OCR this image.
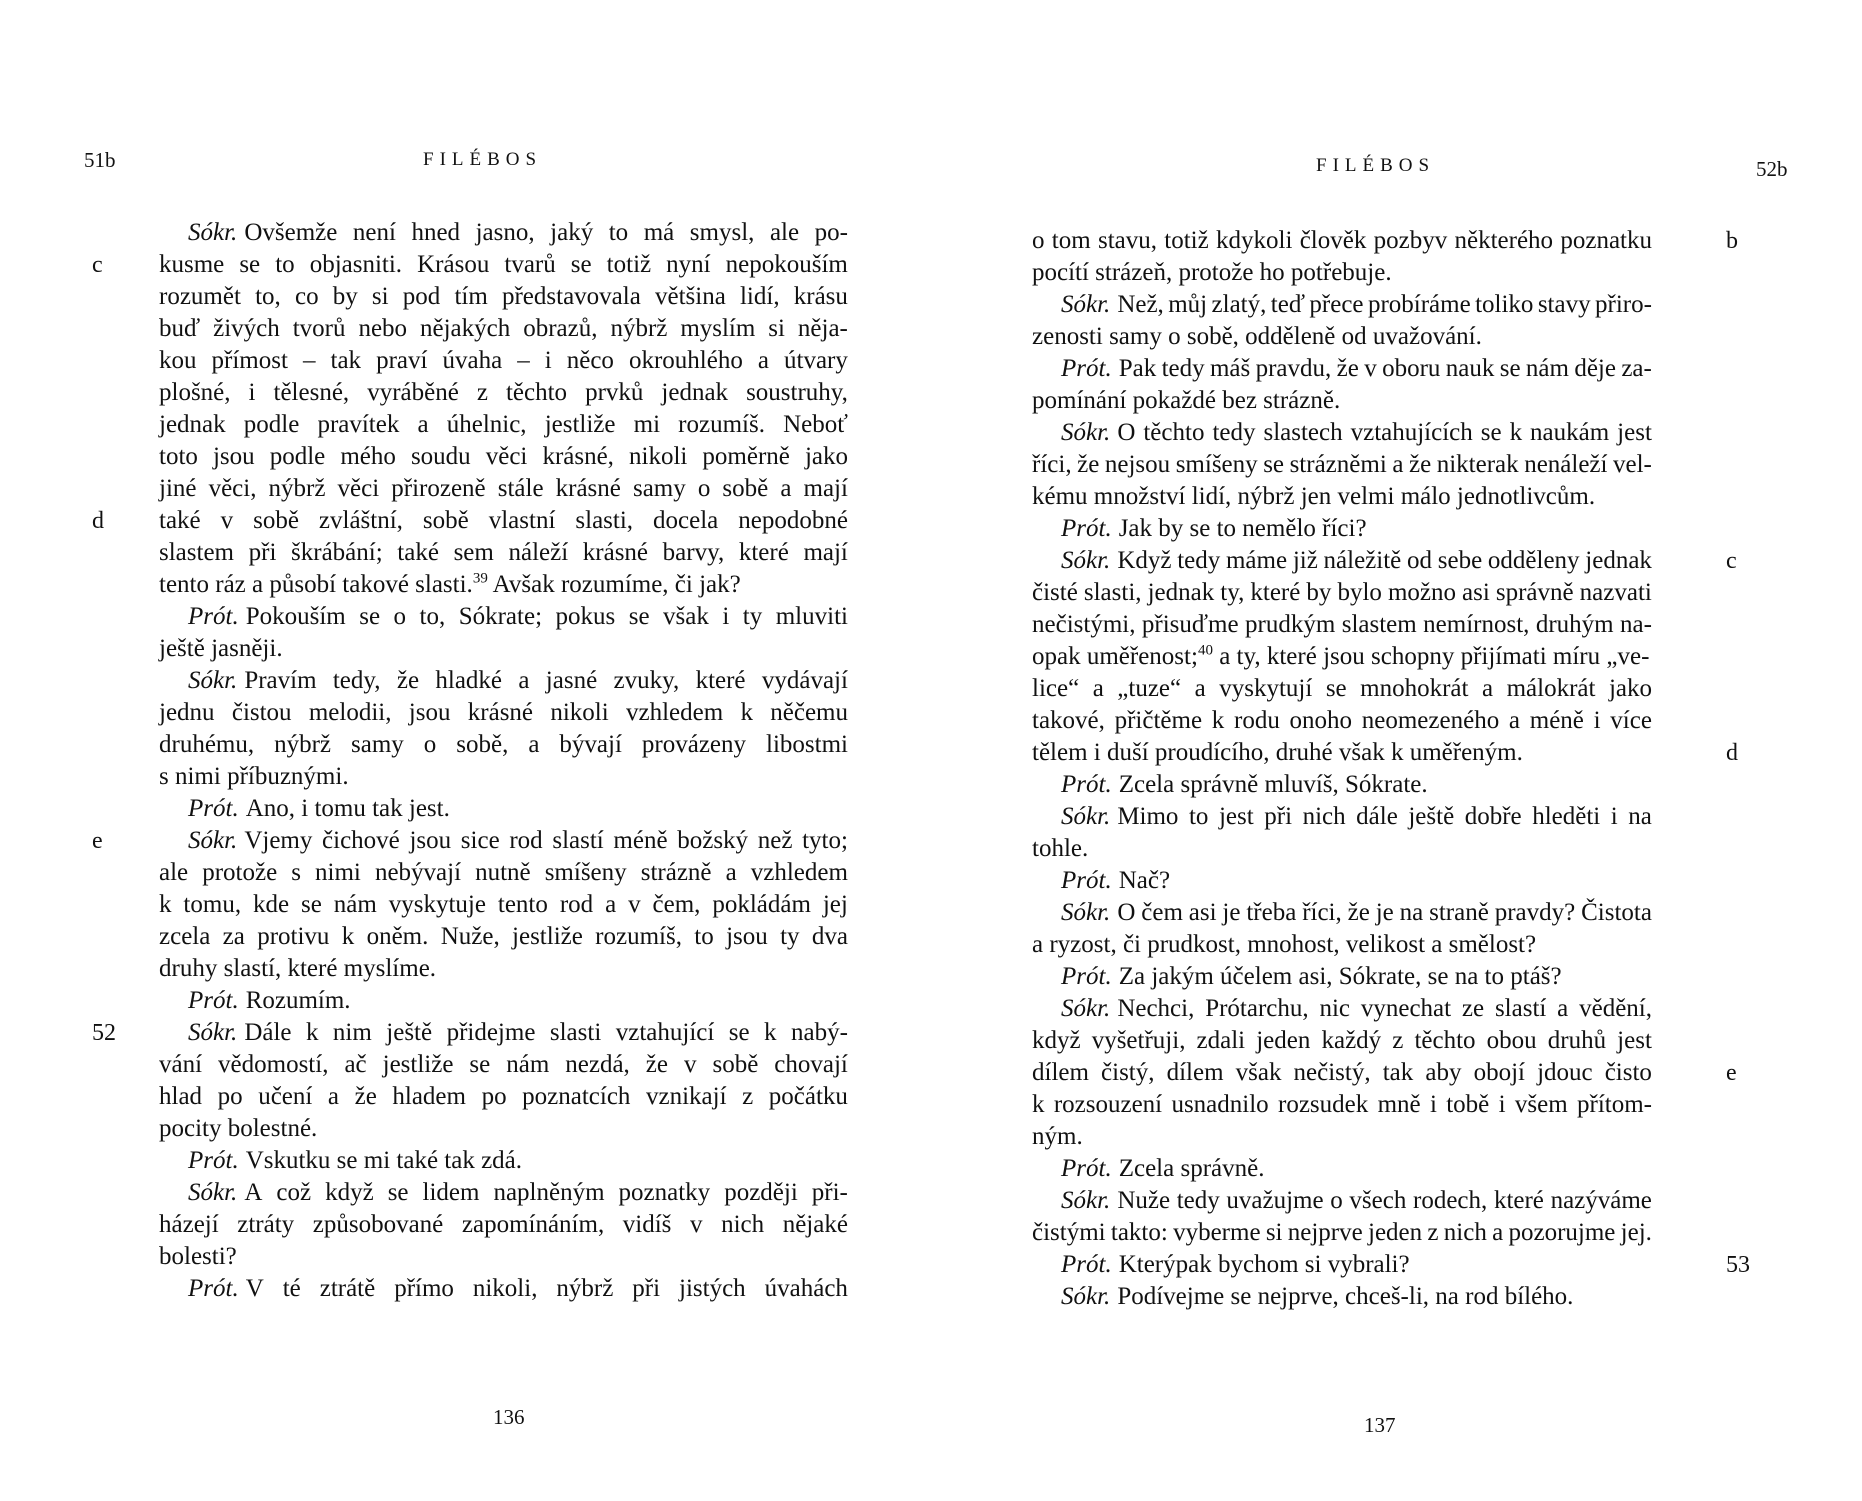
51b	FILÉBOS
Sókr. Ovšemže není hned jasno, jaký to má smysl, ale po-
kusme se to objasniti. Krásou tvarů se totiž nyní nepokouším
rozumět to, co by si pod tím představovala většina lidí, krásu
buď živých tvorů nebo nějakých obrazů, nýbrž myslím si něja-
kou přímost – tak praví úvaha – i něco okrouhlého a útvary
plošné, i tělesné, vyráběné z těchto prvků jednak soustruhy,
jednak podle pravítek a úhelnic, jestliže mi rozumíš. Neboť
toto jsou podle mého soudu věci krásné, nikoli poměrně jako
jiné věci, nýbrž věci přirozeně stále krásné samy o sobě a mají
také v sobě zvláštní, sobě vlastní slasti, docela nepodobné
slastem při škrábání; také sem náleží krásné barvy, které mají
tento ráz a působí takové slasti.$^{39}$ Avšak rozumíme, či jak?
Prót. Pokouším se o to, Sókrate; pokus se však i ty mluviti
ještě jasněji.
Sókr. Pravím tedy, že hladké a jasné zvuky, které vydávají
jednu čistou melodii, jsou krásné nikoli vzhledem k něčemu
druhému, nýbrž samy o sobě, a bývají provázeny libostmi
s nimi příbuznými.
Prót. Ano, i tomu tak jest.
Sókr. Vjemy čichové jsou sice rod slastí méně božský než tyto;
ale protože s nimi nebývají nutně smíšeny strázně a vzhledem
k tomu, kde se nám vyskytuje tento rod a v čem, pokládám jej
zcela za protivu k oněm. Nuže, jestliže rozumíš, to jsou ty dva
druhy slastí, které myslíme.
Prót. Rozumím.
Sókr. Dále k nim ještě přidejme slasti vztahující se k nabý-
vání vědomostí, ač jestliže se nám nezdá, že v sobě chovají
hlad po učení a že hladem po poznatcích vznikají z počátku
pocity bolestné.
Prót. Vskutku se mi také tak zdá.
Sókr. A což když se lidem naplněným poznatky později při-
házejí ztráty způsobované zapomínáním, vidíš v nich nějaké
bolesti?
Prót. V té ztrátě přímo nikoli, nýbrž při jistých úvahách
136
c
d
e
52
FILÉBOS	52b
o tom stavu, totiž kdykoli člověk pozbyv některého poznatku
pocítí strázeň, protože ho potřebuje.
Sókr. Než, můj zlatý, teď přece probíráme toliko stavy přiro-
zenosti samy o sobě, odděleně od uvažování.
Prót. Pak tedy máš pravdu, že v oboru nauk se nám děje za-
pomínání pokaždé bez strázně.
Sókr. O těchto tedy slastech vztahujících se k naukám jest
říci, že nejsou smíšeny se strázněmi a že nikterak nenáleží vel-
kému množství lidí, nýbrž jen velmi málo jednotlivcům.
Prót. Jak by se to nemělo říci?
Sókr. Když tedy máme již náležitě od sebe odděleny jednak
čisté slasti, jednak ty, které by bylo možno asi správně nazvati
nečistými, přisuďme prudkým slastem nemírnost, druhým na-
opak uměřenost;$^{40}$ a ty, které jsou schopny přijímati míru „ve-
lice“ a „tuze“ a vyskytují se mnohokrát a málokrát jako
takové, přičtěme k rodu onoho neomezeného a méně i více
tělem i duší proudícího, druhé však k uměřeným.
Prót. Zcela správně mluvíš, Sókrate.
Sókr. Mimo to jest při nich dále ještě dobře hleděti i na
tohle.
Prót. Nač?
Sókr. O čem asi je třeba říci, že je na straně pravdy? Čistota
a ryzost, či prudkost, mnohost, velikost a smělost?
Prót. Za jakým účelem asi, Sókrate, se na to ptáš?
Sókr. Nechci, Prótarchu, nic vynechat ze slastí a vědění,
když vyšetřuji, zdali jeden každý z těchto obou druhů jest
dílem čistý, dílem však nečistý, tak aby obojí jdouc čisto
k rozsouzení usnadnilo rozsudek mně i tobě i všem přítom-
ným.
Prót. Zcela správně.
Sókr. Nuže tedy uvažujme o všech rodech, které nazýváme
čistými takto: vyberme si nejprve jeden z nich a pozorujme jej.
Prót. Kterýpak bychom si vybrali?
Sókr. Podívejme se nejprve, chceš-li, na rod bílého.
137
b
c
d
e
53
